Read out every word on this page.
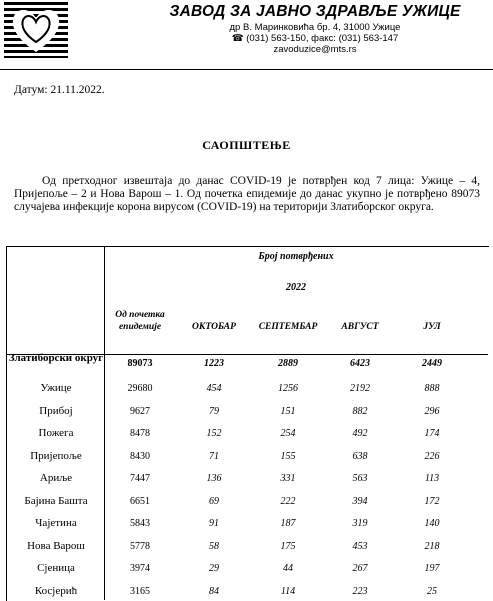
ЗАВОД ЗА ЈАВНО ЗДРАВЉЕ УЖИЦЕ
др В. Маринковића бр. 4, 31000 Ужице
☎ (031) 563-150, факс: (031) 563-147
zavoduzice@mts.rs
Датум: 21.11.2022.
САОПШТЕЊЕ
Од претходног извештаја до данас COVID-19 је потврђен код 7 лица: Ужице – 4, Пријепоље – 2 и Нова Варош – 1. Од почетка епидемије до данас укупно је потврђено 89073 случајева инфекције корона вирусом (COVID-19) на територији Златиборског округа.
Број потврђених
2022
Од почетка епидемије	ОКТОБАР	СЕПТЕМБАР	АВГУСТ	ЈУЛ
Златиборски округ	89073	1223	2889	6423	2449
Ужице	29680	454	1256	2192	888
Прибој	9627	79	151	882	296
Пожега	8478	152	254	492	174
Пријепоље	8430	71	155	638	226
Ариље	7447	136	331	563	113
Бајина Башта	6651	69	222	394	172
Чајетина	5843	91	187	319	140
Нова Варош	5778	58	175	453	218
Сјеница	3974	29	44	267	197
Косјерић	3165	84	114	223	25
